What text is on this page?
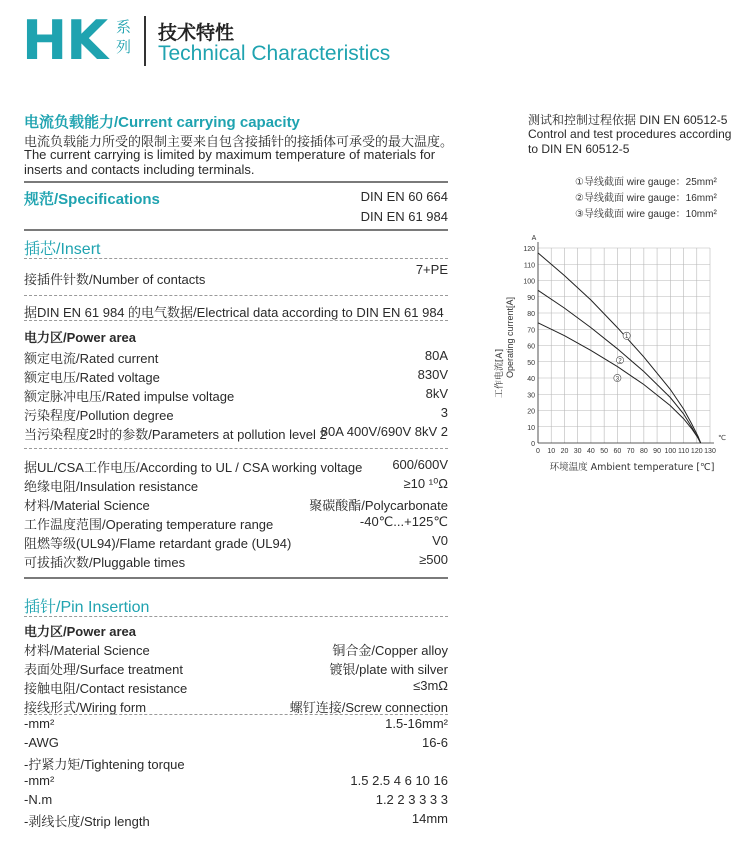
HK 系列
技术特性
Technical Characteristics
电流负载能力/Current carrying capacity
电流负载能力所受的限制主要来自包含接插针的接插体可承受的最大温度。
The current carrying is limited by maximum temperature of materials for
inserts and contacts including terminals.
规范/Specifications	DIN EN 60 664
DIN EN 61 984
插芯/Insert
接插件针数/Number of contacts
7+PE
据DIN EN 61 984 的电气数据/Electrical data according to DIN EN 61 984
电力区/Power area
额定电流/Rated current	80A
额定电压/Rated voltage	830V
额定脉冲电压/Rated impulse voltage	8kV
污染程度/Pollution degree	3
当污染程度2时的参数/Parameters at pollution level 2
80A 400V/690V 8kV 2
据UL/CSA工作电压/According to UL / CSA working voltage 600/600V
绝缘电阻/Insulation resistance	≥10 ¹⁰Ω
材料/Material Science	聚碳酸酯/Polycarbonate
工作温度范围/Operating temperature range	-40℃...+125℃
阻燃等级(UL94)/Flame retardant grade (UL94)	V0
可拔插次数/Pluggable times	≥500
插针/Pin Insertion
电力区/Power area
材料/Material Science	铜合金/Copper alloy
表面处理/Surface treatment	镀银/plate with silver
接触电阻/Contact resistance	≤3mΩ
接线形式/Wiring form	螺钉连接/Screw connection
-mm²	1.5-16mm²
-AWG	16-6
-拧紧力矩/Tightening torque
-mm²	1.5 2.5 4 6 10 16
-N.m	1.2 2 3 3 3 3
-剥线长度/Strip length	14mm
测试和控制过程依据 DIN EN 60512-5
Control and test procedures according
to DIN EN 60512-5
①导线截面 wire gauge：25mm²
②导线截面 wire gauge：16mm²
③导线截面 wire gauge：10mm²
0
10
20
30
40
50
60
70
80
90
100
110
120
0 10 20 30 40 50 60 70 80 90 100 110 120 130
A
℃
工作电流[A] Operating current[A]
环境温度 Ambient temperature [℃]
1
2
3
